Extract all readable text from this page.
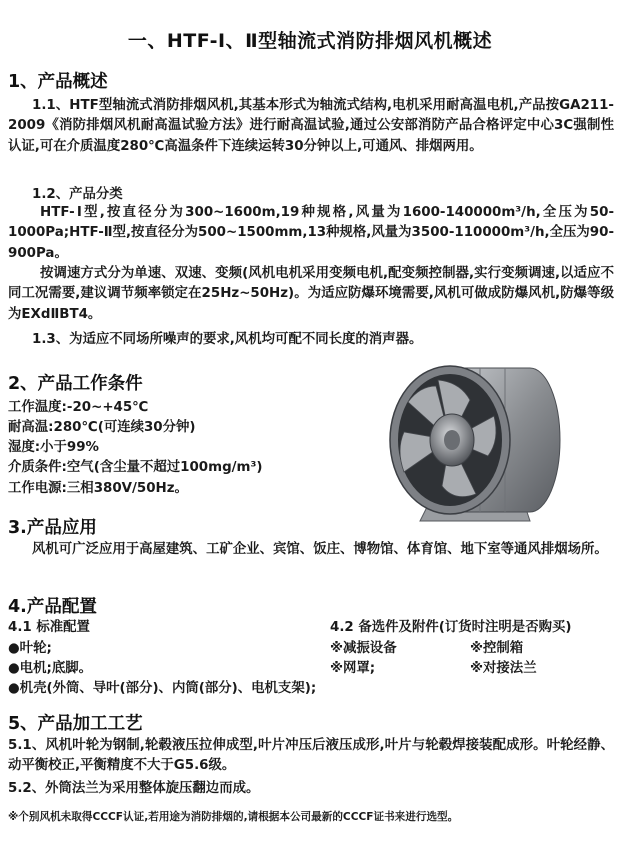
一、HTF-Ⅰ、Ⅱ型轴流式消防排烟风机概述
1、产品概述

1.1、HTF型轴流式消防排烟风机,其基本形式为轴流式结构,电机采用耐高温电机,产品按GA211-2009《消防排烟风机耐高温试验方法》进行耐高温试验,通过公安部消防产品合格评定中心3C强制性认证,可在介质温度280℃高温条件下连续运转30分钟以上,可通风、排烟两用。

1.2、产品分类

HTF-Ⅰ型,按直径分为300~1600m,19种规格,风量为1600-140000m³/h,全压为50-1000Pa;HTF-Ⅱ型,按直径分为500~1500mm,13种规格,风量为3500-110000m³/h,全压为90-900Pa。

按调速方式分为单速、双速、变频(风机电机采用变频电机,配变频控制器,实行变频调速,以适应不同工况需要,建议调节频率锁定在25Hz~50Hz)。为适应防爆环境需要,风机可做成防爆风机,防爆等级为EXdⅡBT4。

1.3、为适应不同场所噪声的要求,风机均可配不同长度的消声器。
2、产品工作条件
工作温度:-20~+45℃
耐高温:280℃(可连续30分钟)
湿度:小于99%
介质条件:空气(含尘量不超过100mg/m³)
工作电源:三相380V/50Hz。
3.产品应用

风机可广泛应用于高屋建筑、工矿企业、宾馆、饭庄、博物馆、体育馆、地下室等通风排烟场所。

4.产品配置
4.1 标准配置	4.2 备选件及附件(订货时注明是否购买)
●叶轮;	※减振设备	※控制箱
●电机;底脚。	※网罩;	※对接法兰
●机壳(外筒、导叶(部分)、内筒(部分)、电机支架);
5、产品加工工艺

5.1、风机叶轮为钢制,轮毂液压拉伸成型,叶片冲压后液压成形,叶片与轮毂焊接装配成形。叶轮经静、动平衡校正,平衡精度不大于G5.6级。

5.2、外筒法兰为采用整体旋压翻边而成。
※个别风机未取得CCCF认证,若用途为消防排烟的,请根据本公司最新的CCCF证书来进行选型。
